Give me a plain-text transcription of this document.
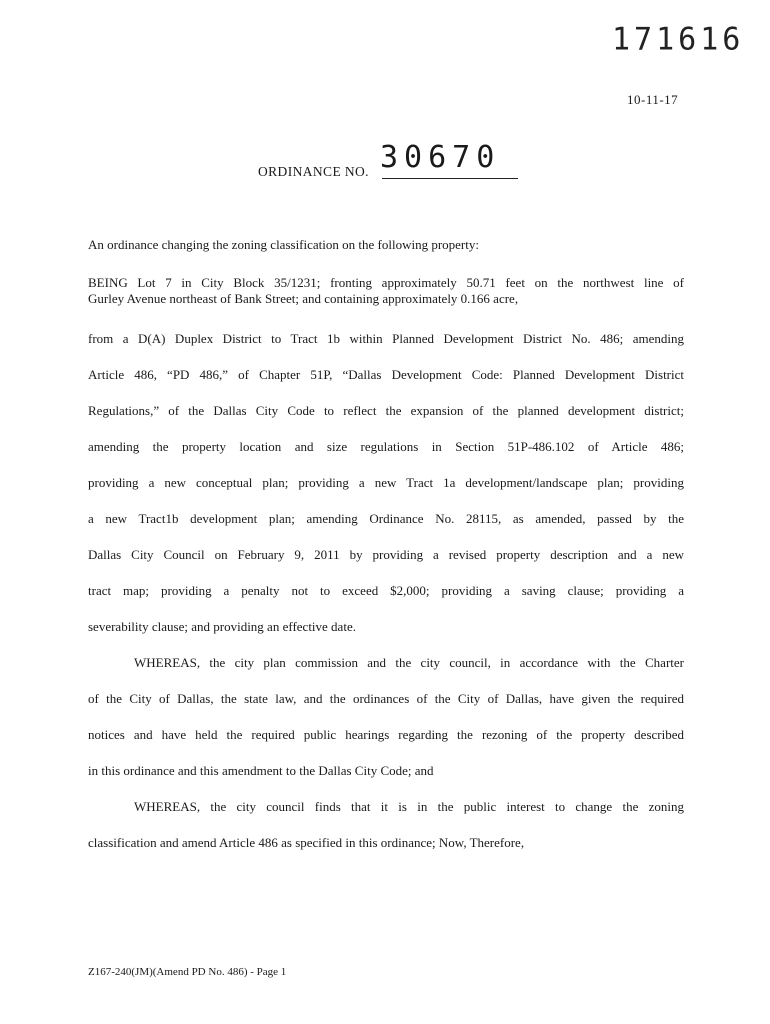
171616
10-11-17
ORDINANCE NO. 30670
An ordinance changing the zoning classification on the following property:
BEING Lot 7 in City Block 35/1231; fronting approximately 50.71 feet on the northwest line of
Gurley Avenue northeast of Bank Street; and containing approximately 0.166 acre,
from a D(A) Duplex District to Tract 1b within Planned Development District No. 486; amending
Article 486, “PD 486,” of Chapter 51P, “Dallas Development Code: Planned Development District
Regulations,” of the Dallas City Code to reflect the expansion of the planned development district;
amending the property location and size regulations in Section 51P-486.102 of Article 486;
providing a new conceptual plan; providing a new Tract 1a development/landscape plan; providing
a new Tract1b development plan; amending Ordinance No. 28115, as amended, passed by the
Dallas City Council on February 9, 2011 by providing a revised property description and a new
tract map; providing a penalty not to exceed $2,000; providing a saving clause; providing a
severability clause; and providing an effective date.
WHEREAS, the city plan commission and the city council, in accordance with the Charter
of the City of Dallas, the state law, and the ordinances of the City of Dallas, have given the required
notices and have held the required public hearings regarding the rezoning of the property described
in this ordinance and this amendment to the Dallas City Code; and
WHEREAS, the city council finds that it is in the public interest to change the zoning
classification and amend Article 486 as specified in this ordinance; Now, Therefore,
Z167-240(JM)(Amend PD No. 486) - Page 1
